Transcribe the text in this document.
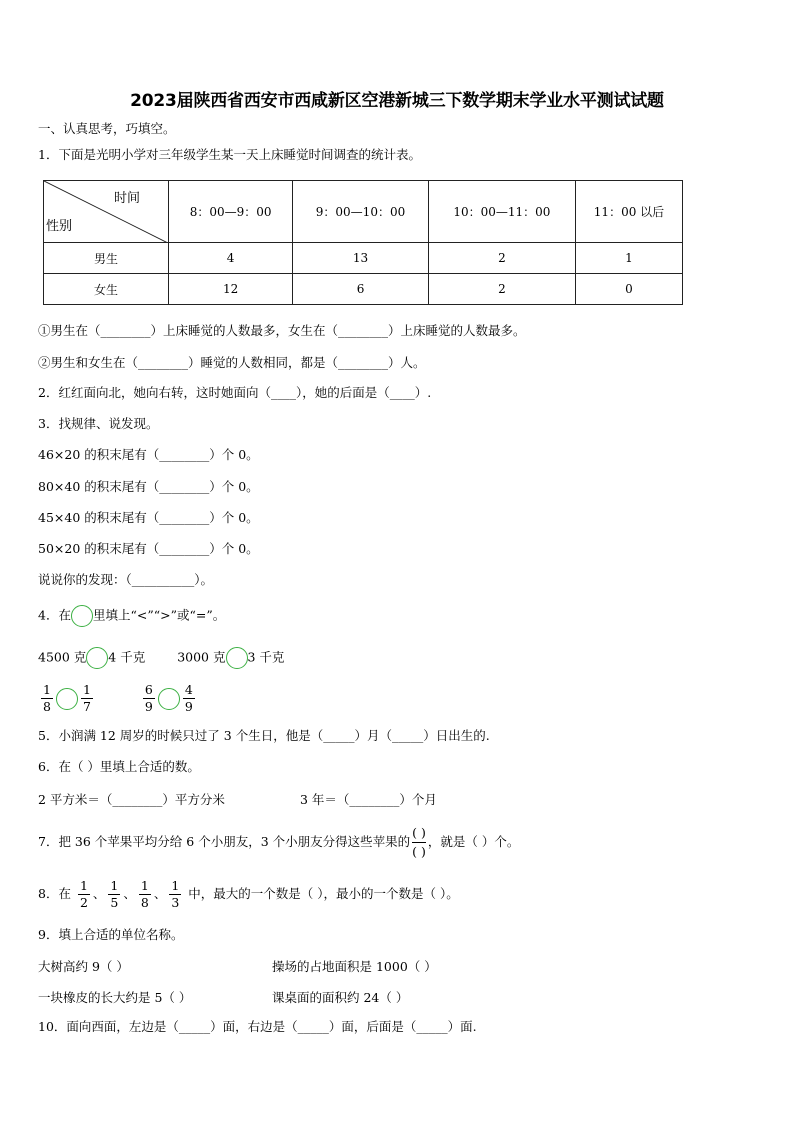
2023届陕西省西安市西咸新区空港新城三下数学期末学业水平测试试题
一、认真思考，巧填空。
1．下面是光明小学对三年级学生某一天上床睡觉时间调查的统计表。
时间
性别	8：00—9：00	9：00—10：00	10：00—11：00	11：00 以后
男生	4	13	2	1
女生	12	6	2	0
①男生在（________）上床睡觉的人数最多，女生在（________）上床睡觉的人数最多。
②男生和女生在（________）睡觉的人数相同，都是（________）人。
2．红红面向北，她向右转，这时她面向（____），她的后面是（____）.
3．找规律、说发现。
46×20 的积末尾有（________）个 0。
80×40 的积末尾有（________）个 0。
45×40 的积末尾有（________）个 0。
50×20 的积末尾有（________）个 0。
说说你的发现：（__________）。
4．在 里填上“<”“>”或“=”。
4500 克 4 千克	3000 克 3 千克
$\frac{1}{8} \frac{1}{7}$
	$\frac{6}{9} \frac{4}{9}$
5．小润满 12 周岁的时候只过了 3 个生日，他是（_____）月（_____）日出生的.
6．在（ ）里填上合适的数。
2 平方米＝（________）平方分米	3 年＝（________）个月
7．把 36 个苹果平均分给 6 个小朋友，3 个小朋友分得这些苹果的 $\frac{( )}{( )}$ ，就是（ ）个。
8．在 $\frac{1}{2}$ 、 $\frac{1}{5}$ 、 $\frac{1}{8}$ 、 $\frac{1}{3}$ 中，最大的一个数是（ ），最小的一个数是（ ）。
9．填上合适的单位名称。
大树高约 9（ ）	操场的占地面积是 1000（ ）
一块橡皮的长大约是 5（ ）	课桌面的面积约 24（ ）
10．面向西面，左边是（_____）面，右边是（_____）面，后面是（_____）面.
